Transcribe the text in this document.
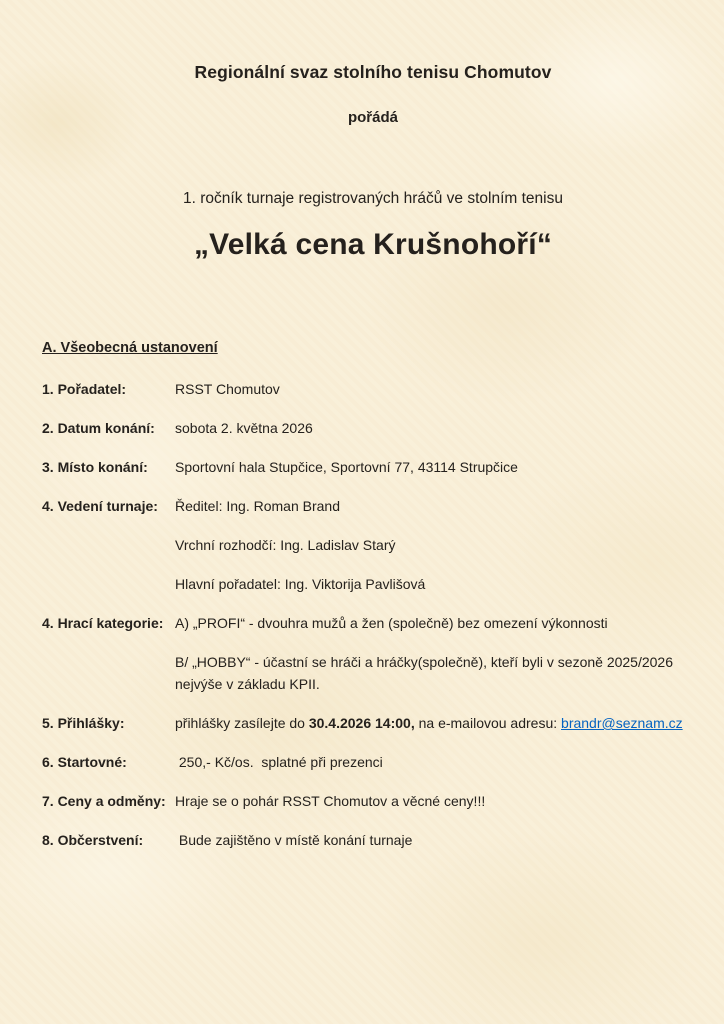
Regionální svaz stolního tenisu Chomutov

pořádá

1. ročník turnaje registrovaných hráčů ve stolním tenisu

„Velká cena Krušnohoří“
A. Všeobecná ustanovení
1. Pořadatel:	RSST Chomutov
2. Datum konání:	sobota 2. května 2026
3. Místo konání:	Sportovní hala Stupčice, Sportovní 77, 43114 Strupčice
4. Vedení turnaje:	Ředitel: Ing. Roman Brand

Vrchní rozhodčí: Ing. Ladislav Starý

Hlavní pořadatel: Ing. Viktorija Pavlišová

4. Hrací kategorie: A) „PROFI“ - dvouhra mužů a žen (společně) bez omezení výkonnosti

B/ „HOBBY“ - účastní se hráči a hráčky(společně), kteří byli v sezoně 2025/2026

nejvýše v základu KPII.

5. Přihlášky:	přihlášky zasílejte do 30.4.2026 14:00, na e-mailovou adresu: brandr@seznam.cz
6. Startovné:	250,- Kč/os.  splatné při prezenci
7. Ceny a odměny: Hraje se o pohár RSST Chomutov a věcné ceny!!!
8. Občerstvení:	Bude zajištěno v místě konání turnaje
